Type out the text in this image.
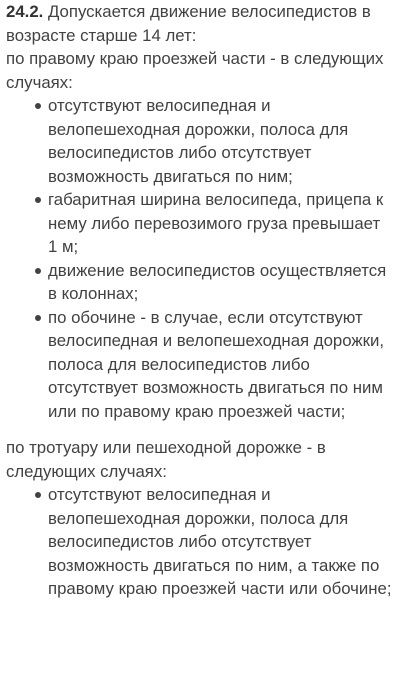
24.2. Допускается движение велосипедистов в возрасте старше 14 лет:

по правому краю проезжей части - в следующих случаях:

отсутствуют велосипедная и велопешеходная дорожки, полоса для велосипедистов либо отсутствует возможность двигаться по ним;
габаритная ширина велосипеда, прицепа к нему либо перевозимого груза превышает 1 м;
движение велосипедистов осуществляется в колоннах;
по обочине - в случае, если отсутствуют велосипедная и велопешеходная дорожки, полоса для велосипедистов либо отсутствует возможность двигаться по ним или по правому краю проезжей части;

по тротуару или пешеходной дорожке - в следующих случаях:

отсутствуют велосипедная и велопешеходная дорожки, полоса для велосипедистов либо отсутствует возможность двигаться по ним, а также по правому краю проезжей части или обочине;
